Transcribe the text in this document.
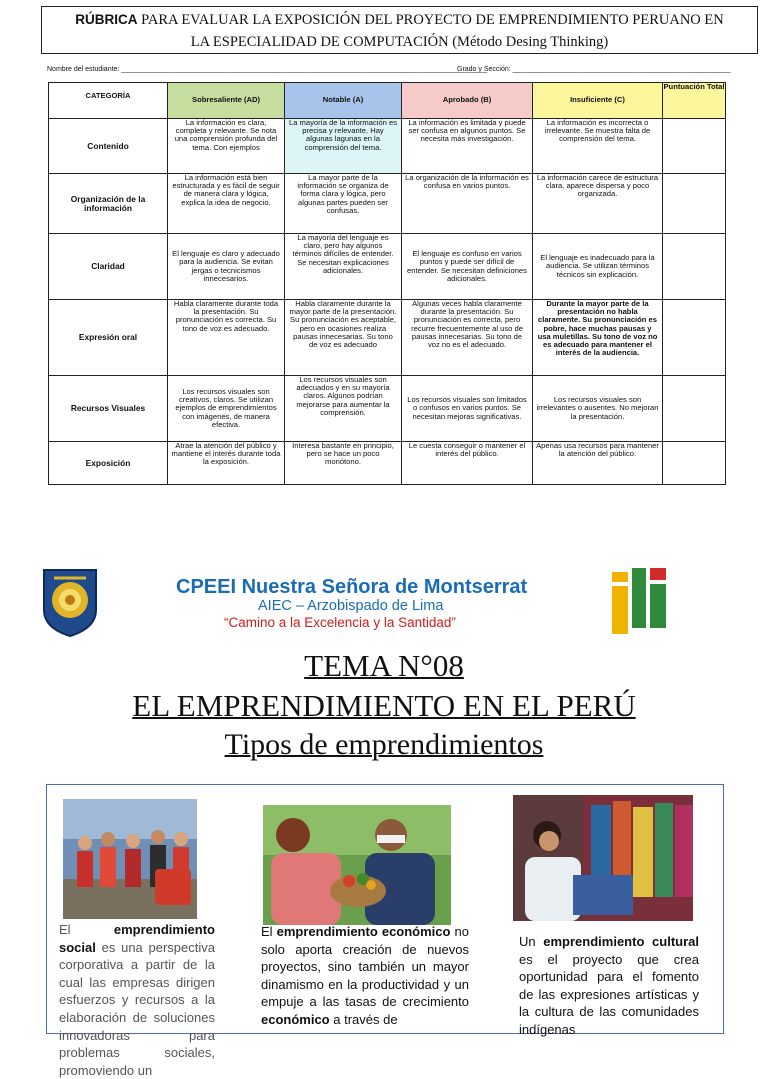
RÚBRICA PARA EVALUAR LA EXPOSICIÓN DEL PROYECTO DE EMPRENDIMIENTO PERUANO EN
LA ESPECIALIDAD DE COMPUTACIÓN (Método Desing Thinking)
Nombre del estudiante: ______________________________________________________________________________________________
Grado y Sección: ________________________________________________________
CATEGORÍA	Sobresaliente (AD)	Notable (A)	Aprobado (B)	Insuficiente (C)	Puntuación Total
Contenido	La información es clara, completa y relevante. Se nota una comprensión profunda del tema. Con ejemplos	La mayoría de la información es precisa y relevante. Hay algunas lagunas en la comprensión del tema.	La información es limitada y puede ser confusa en algunos puntos. Se necesita más investigación.	La información es incorrecta o irrelevante. Se muestra falta de comprensión del tema.	
Organización de la información	La información está bien estructurada y es fácil de seguir de manera clara y lógica, explica la idea de negocio.	La mayor parte de la información se organiza de forma clara y lógica, pero algunas partes pueden ser confusas.	La organización de la información es confusa en varios puntos.	La información carece de estructura clara, aparece dispersa y poco organizada.	
Claridad	El lenguaje es claro y adecuado para la audiencia. Se evitan jergas o tecnicismos innecesarios.	La mayoría del lenguaje es claro, pero hay algunos términos difíciles de entender. Se necesitan explicaciones adicionales.	El lenguaje es confuso en varios puntos y puede ser difícil de entender. Se necesitan definiciones adicionales.	El lenguaje es inadecuado para la audiencia. Se utilizan términos técnicos sin explicación.	
Expresión oral	Habla claramente durante toda la presentación. Su pronunciación es correcta. Su tono de voz es adecuado.	Habla claramente durante la mayor parte de la presentación. Su pronunciación es aceptable, pero en ocasiones realiza pausas innecesarias. Su tono de voz es adecuado	Algunas veces habla claramente durante la presentación. Su pronunciación es correcta, pero recurre frecuentemente al uso de pausas innecesarias. Su tono de voz no es el adecuado.	Durante la mayor parte de la presentación no habla claramente. Su pronunciación es pobre, hace muchas pausas y usa muletillas. Su tono de voz no es adecuado para mantener el interés de la audiencia.	
Recursos Visuales	Los recursos visuales son creativos, claros. Se utilizan ejemplos de emprendimientos con imágenes, de manera efectiva.	Los recursos visuales son adecuados y en su mayoría claros. Algunos podrían mejorarse para aumentar la comprensión.	Los recursos visuales son limitados o confusos en varios puntos. Se necesitan mejoras significativas.	Los recursos visuales son irrelevantes o ausentes. No mejoran la presentación.	
Exposición	Atrae la atención del público y mantiene el interés durante toda la exposición.	Interesa bastante en principio, pero se hace un poco monótono.	Le cuesta conseguir o mantener el interés del público.	Apenas usa recursos para mantener la atención del público.	
CPEEI Nuestra Señora de Montserrat
AIEC – Arzobispado de Lima
“Camino a la Excelencia y la Santidad”
TEMA N°08
EL EMPRENDIMIENTO EN EL PERÚ
Tipos de emprendimientos
El emprendimiento social es una perspectiva corporativa a partir de la cual las empresas dirigen esfuerzos y recursos a la elaboración de soluciones innovadoras para problemas sociales, promoviendo un
El emprendimiento económico no solo aporta creación de nuevos proyectos, sino también un mayor dinamismo en la productividad y un empuje a las tasas de crecimiento económico a través de
Un emprendimiento cultural es el proyecto que crea oportunidad para el fomento de las expresiones artísticas y la cultura de las comunidades indígenas
